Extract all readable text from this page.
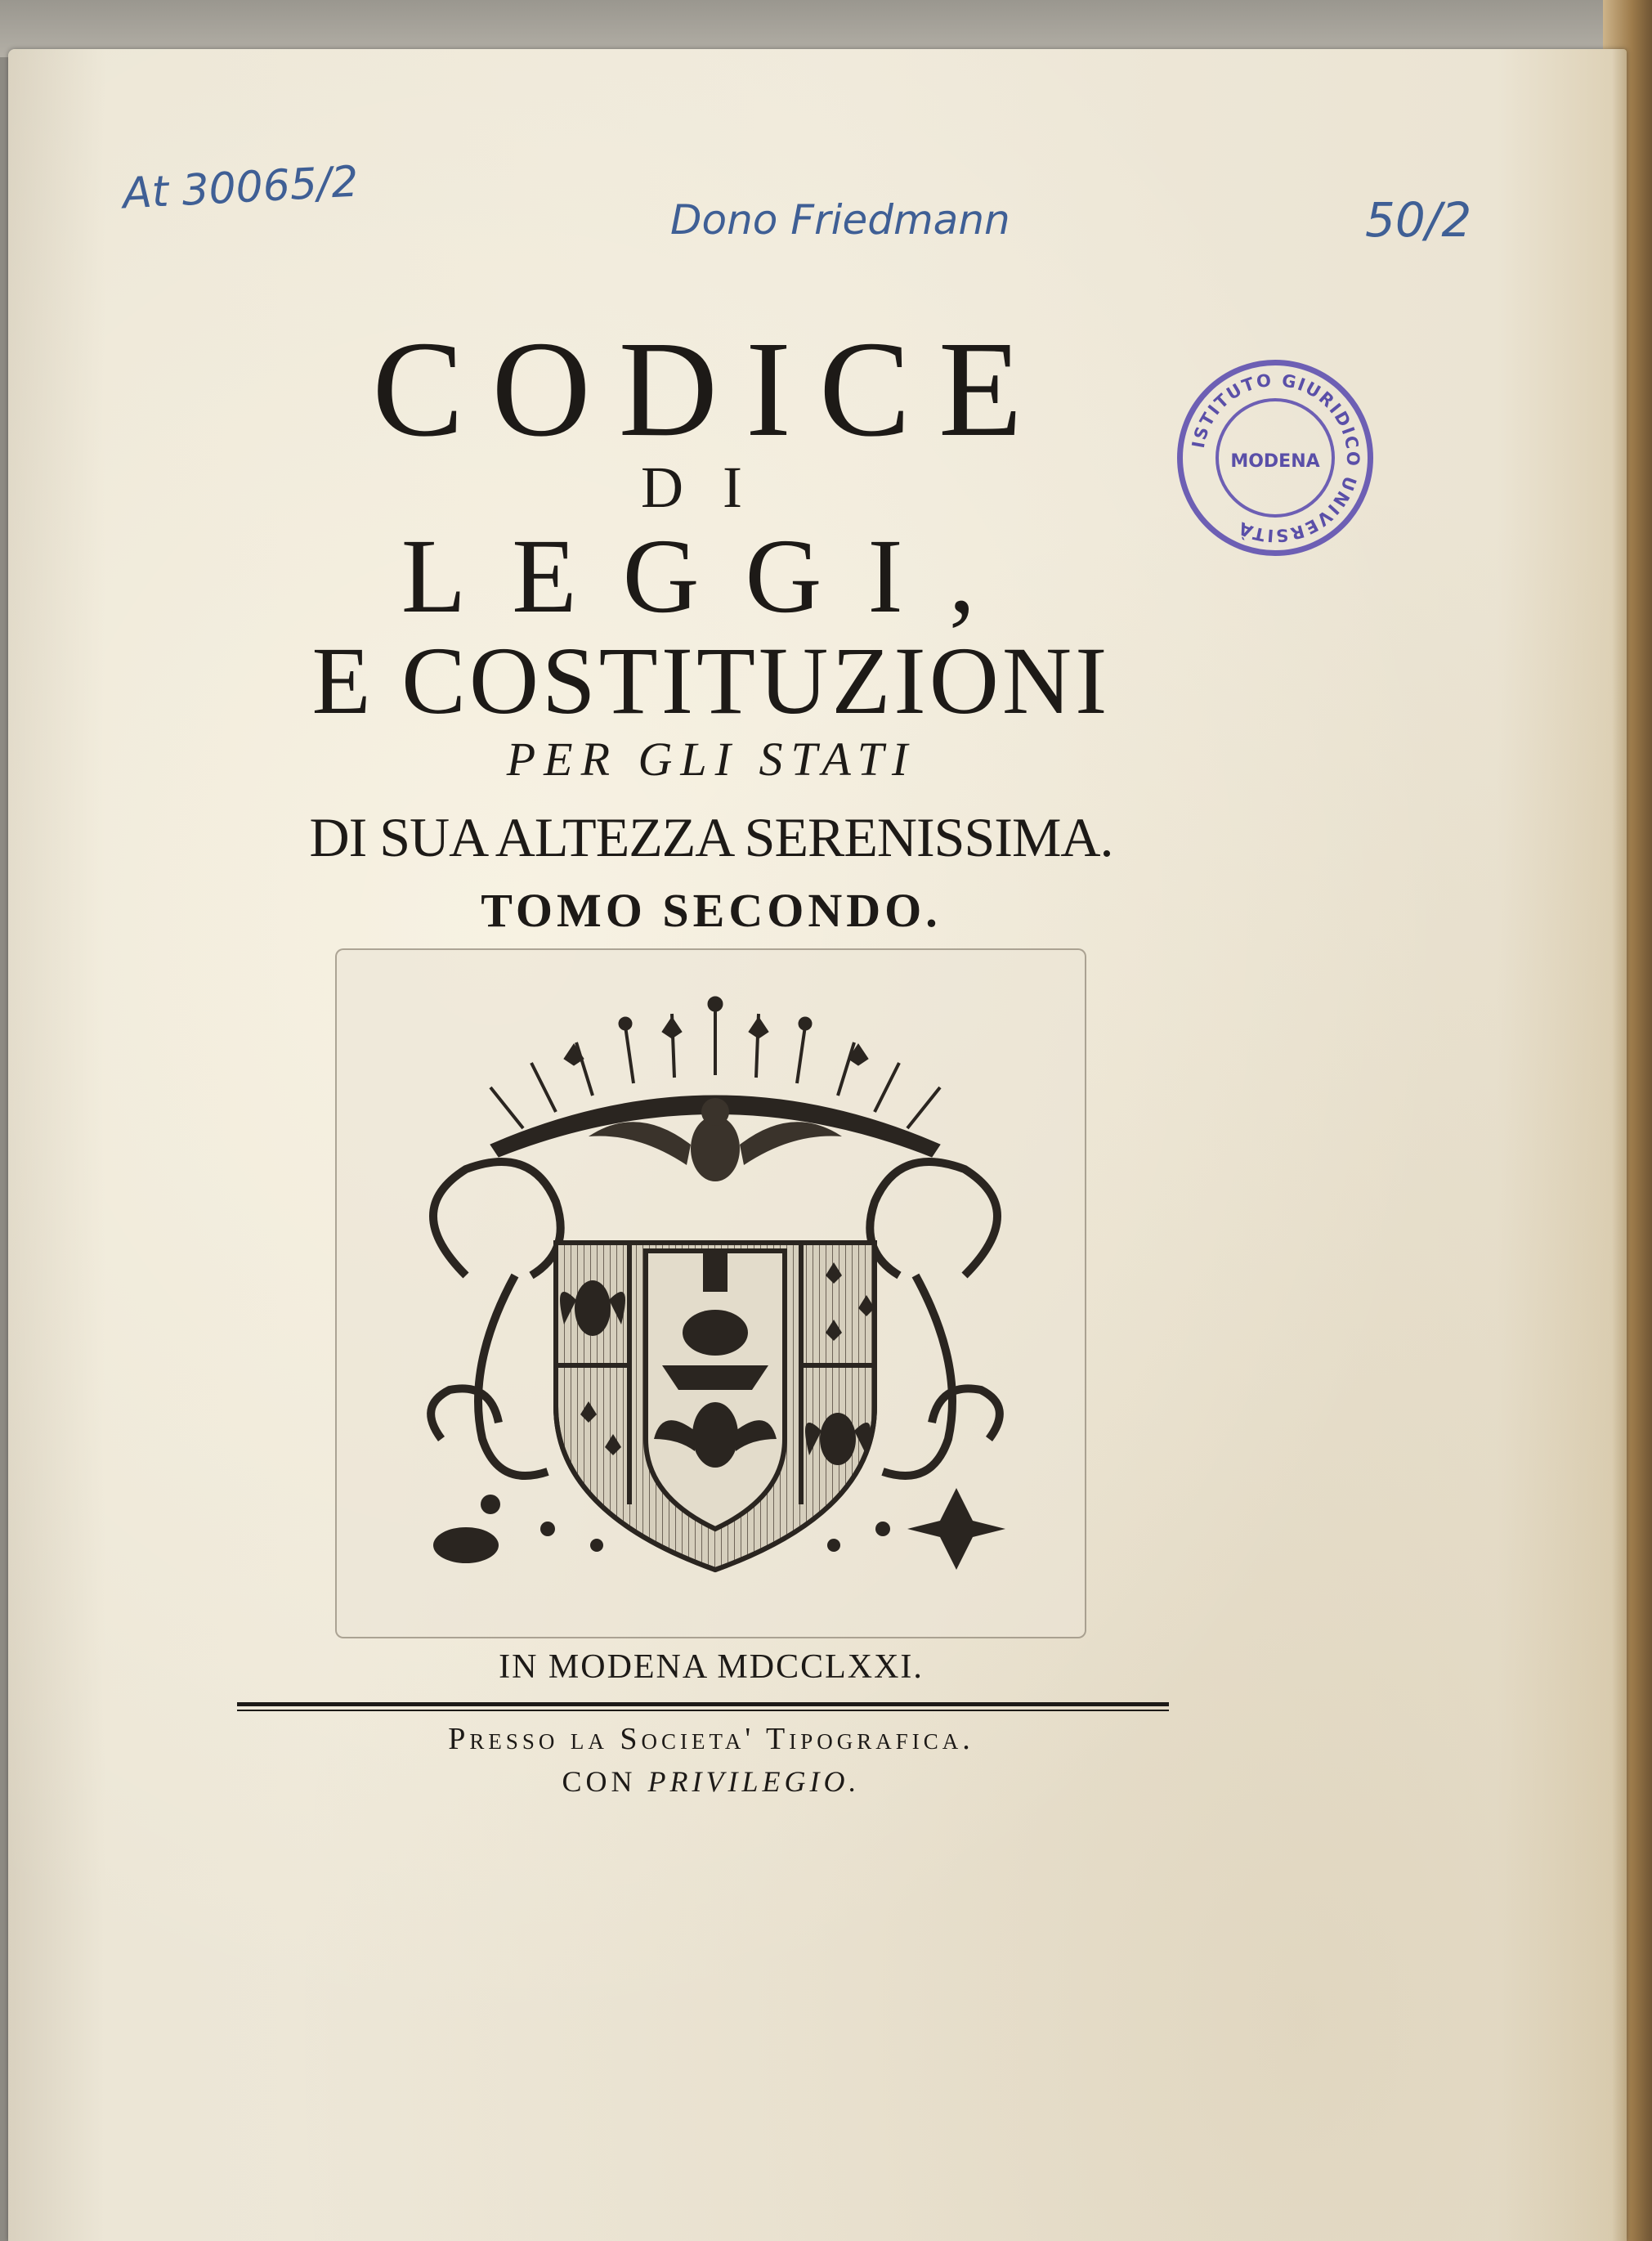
At 30065/2
Dono Friedmann	50/2
ISTITUTO GIURIDICO UNIVERSITÀ
MODENA
CODICE
DI
LEGGI,
E COSTITUZIONI
PER GLI STATI
DI SUA ALTEZZA SERENISSIMA.
TOMO SECONDO.
IN MODENA MDCCLXXI.
Presso la Societa' Tipografica.
CON PRIVILEGIO.
